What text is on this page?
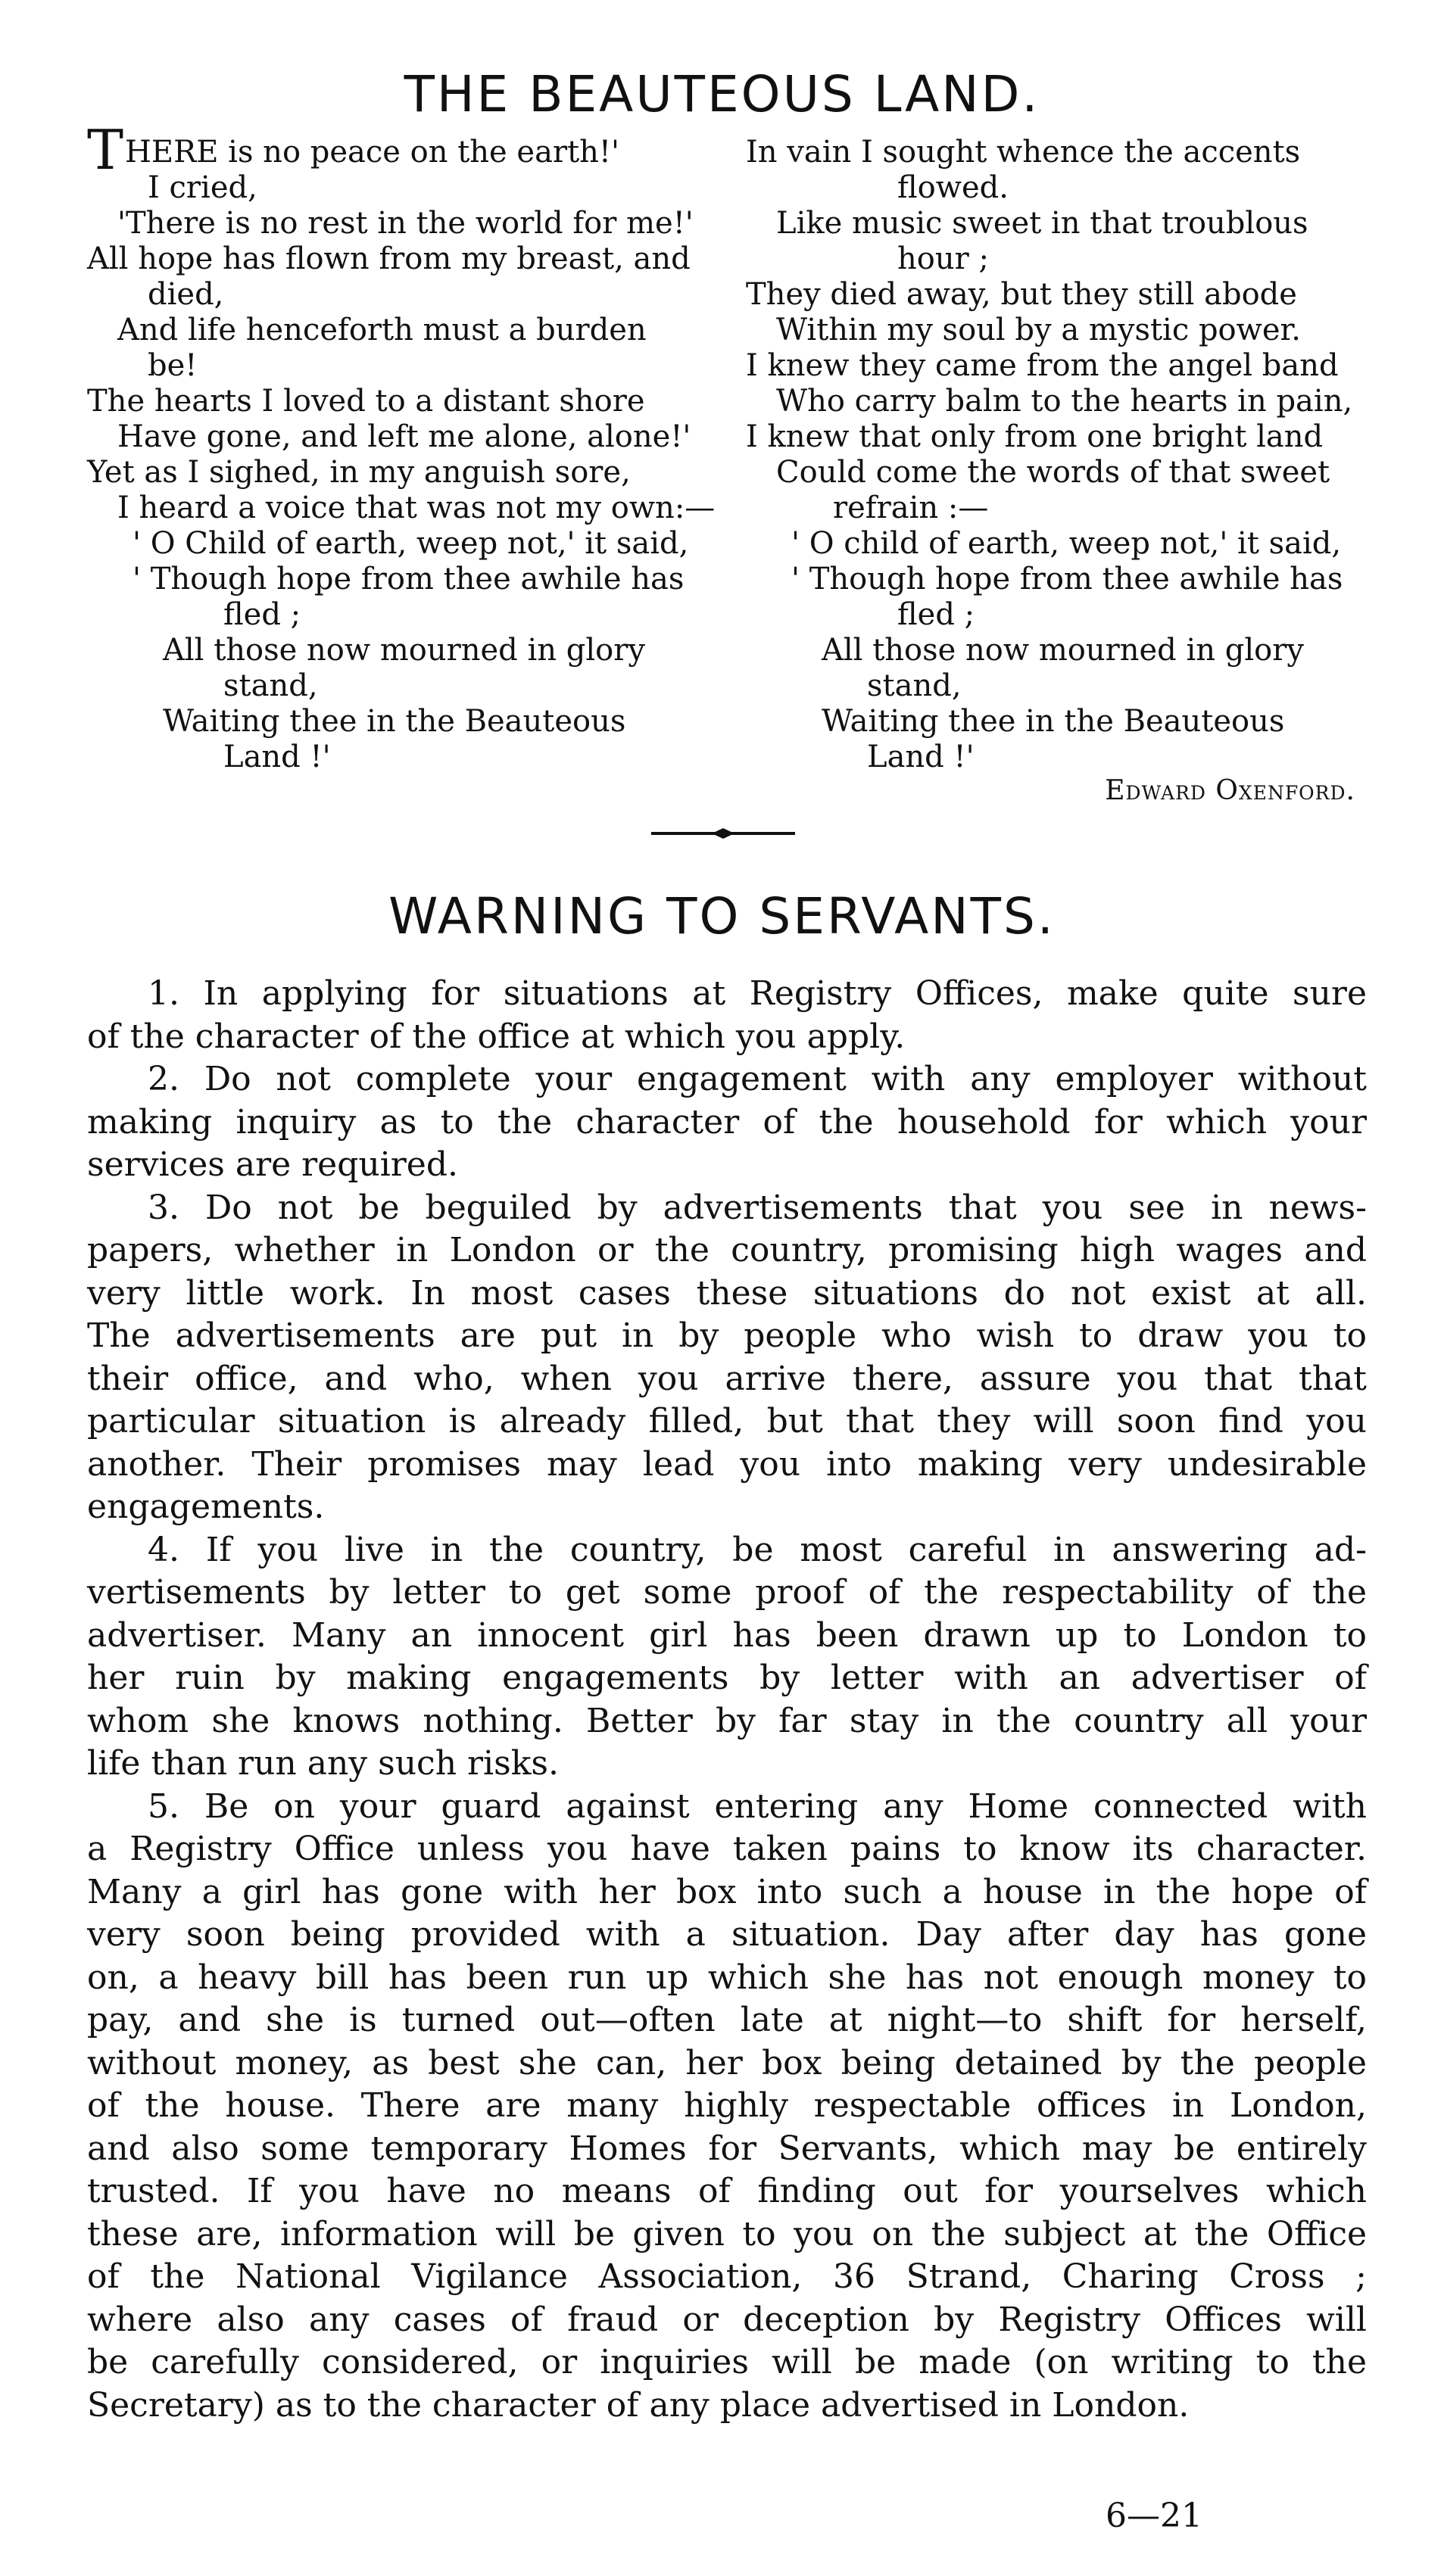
THE BEAUTEOUS LAND.
THERE is no peace on the earth!'
I cried,
'There is no rest in the world for me!'
All hope has flown from my breast, and
died,
And life henceforth must a burden
be!
The hearts I loved to a distant shore
Have gone, and left me alone, alone!'
Yet as I sighed, in my anguish sore,
I heard a voice that was not my own:—
' O Child of earth, weep not,' it said,
' Though hope from thee awhile has
fled ;
All those now mourned in glory
stand,
Waiting thee in the Beauteous
Land !'
In vain I sought whence the accents
flowed.
Like music sweet in that troublous
hour ;
They died away, but they still abode
Within my soul by a mystic power.
I knew they came from the angel band
Who carry balm to the hearts in pain,
I knew that only from one bright land
Could come the words of that sweet
refrain :—
' O child of earth, weep not,' it said,
' Though hope from thee awhile has
fled ;
All those now mourned in glory
stand,
Waiting thee in the Beauteous
Land !'
Edward Oxenford.
WARNING TO SERVANTS.
1. In applying for situations at Registry Offices, make quite sure
of the character of the office at which you apply.
2. Do not complete your engagement with any employer without
making inquiry as to the character of the household for which your
services are required.
3. Do not be beguiled by advertisements that you see in news-
papers, whether in London or the country, promising high wages and
very little work. In most cases these situations do not exist at all.
The advertisements are put in by people who wish to draw you to
their office, and who, when you arrive there, assure you that that
particular situation is already filled, but that they will soon find you
another. Their promises may lead you into making very undesirable
engagements.
4. If you live in the country, be most careful in answering ad-
vertisements by letter to get some proof of the respectability of the
advertiser. Many an innocent girl has been drawn up to London to
her ruin by making engagements by letter with an advertiser of
whom she knows nothing. Better by far stay in the country all your
life than run any such risks.
5. Be on your guard against entering any Home connected with
a Registry Office unless you have taken pains to know its character.
Many a girl has gone with her box into such a house in the hope of
very soon being provided with a situation. Day after day has gone
on, a heavy bill has been run up which she has not enough money to
pay, and she is turned out—often late at night—to shift for herself,
without money, as best she can, her box being detained by the people
of the house. There are many highly respectable offices in London,
and also some temporary Homes for Servants, which may be entirely
trusted. If you have no means of finding out for yourselves which
these are, information will be given to you on the subject at the Office
of the National Vigilance Association, 36 Strand, Charing Cross ;
where also any cases of fraud or deception by Registry Offices will
be carefully considered, or inquiries will be made (on writing to the
Secretary) as to the character of any place advertised in London.
6—21
